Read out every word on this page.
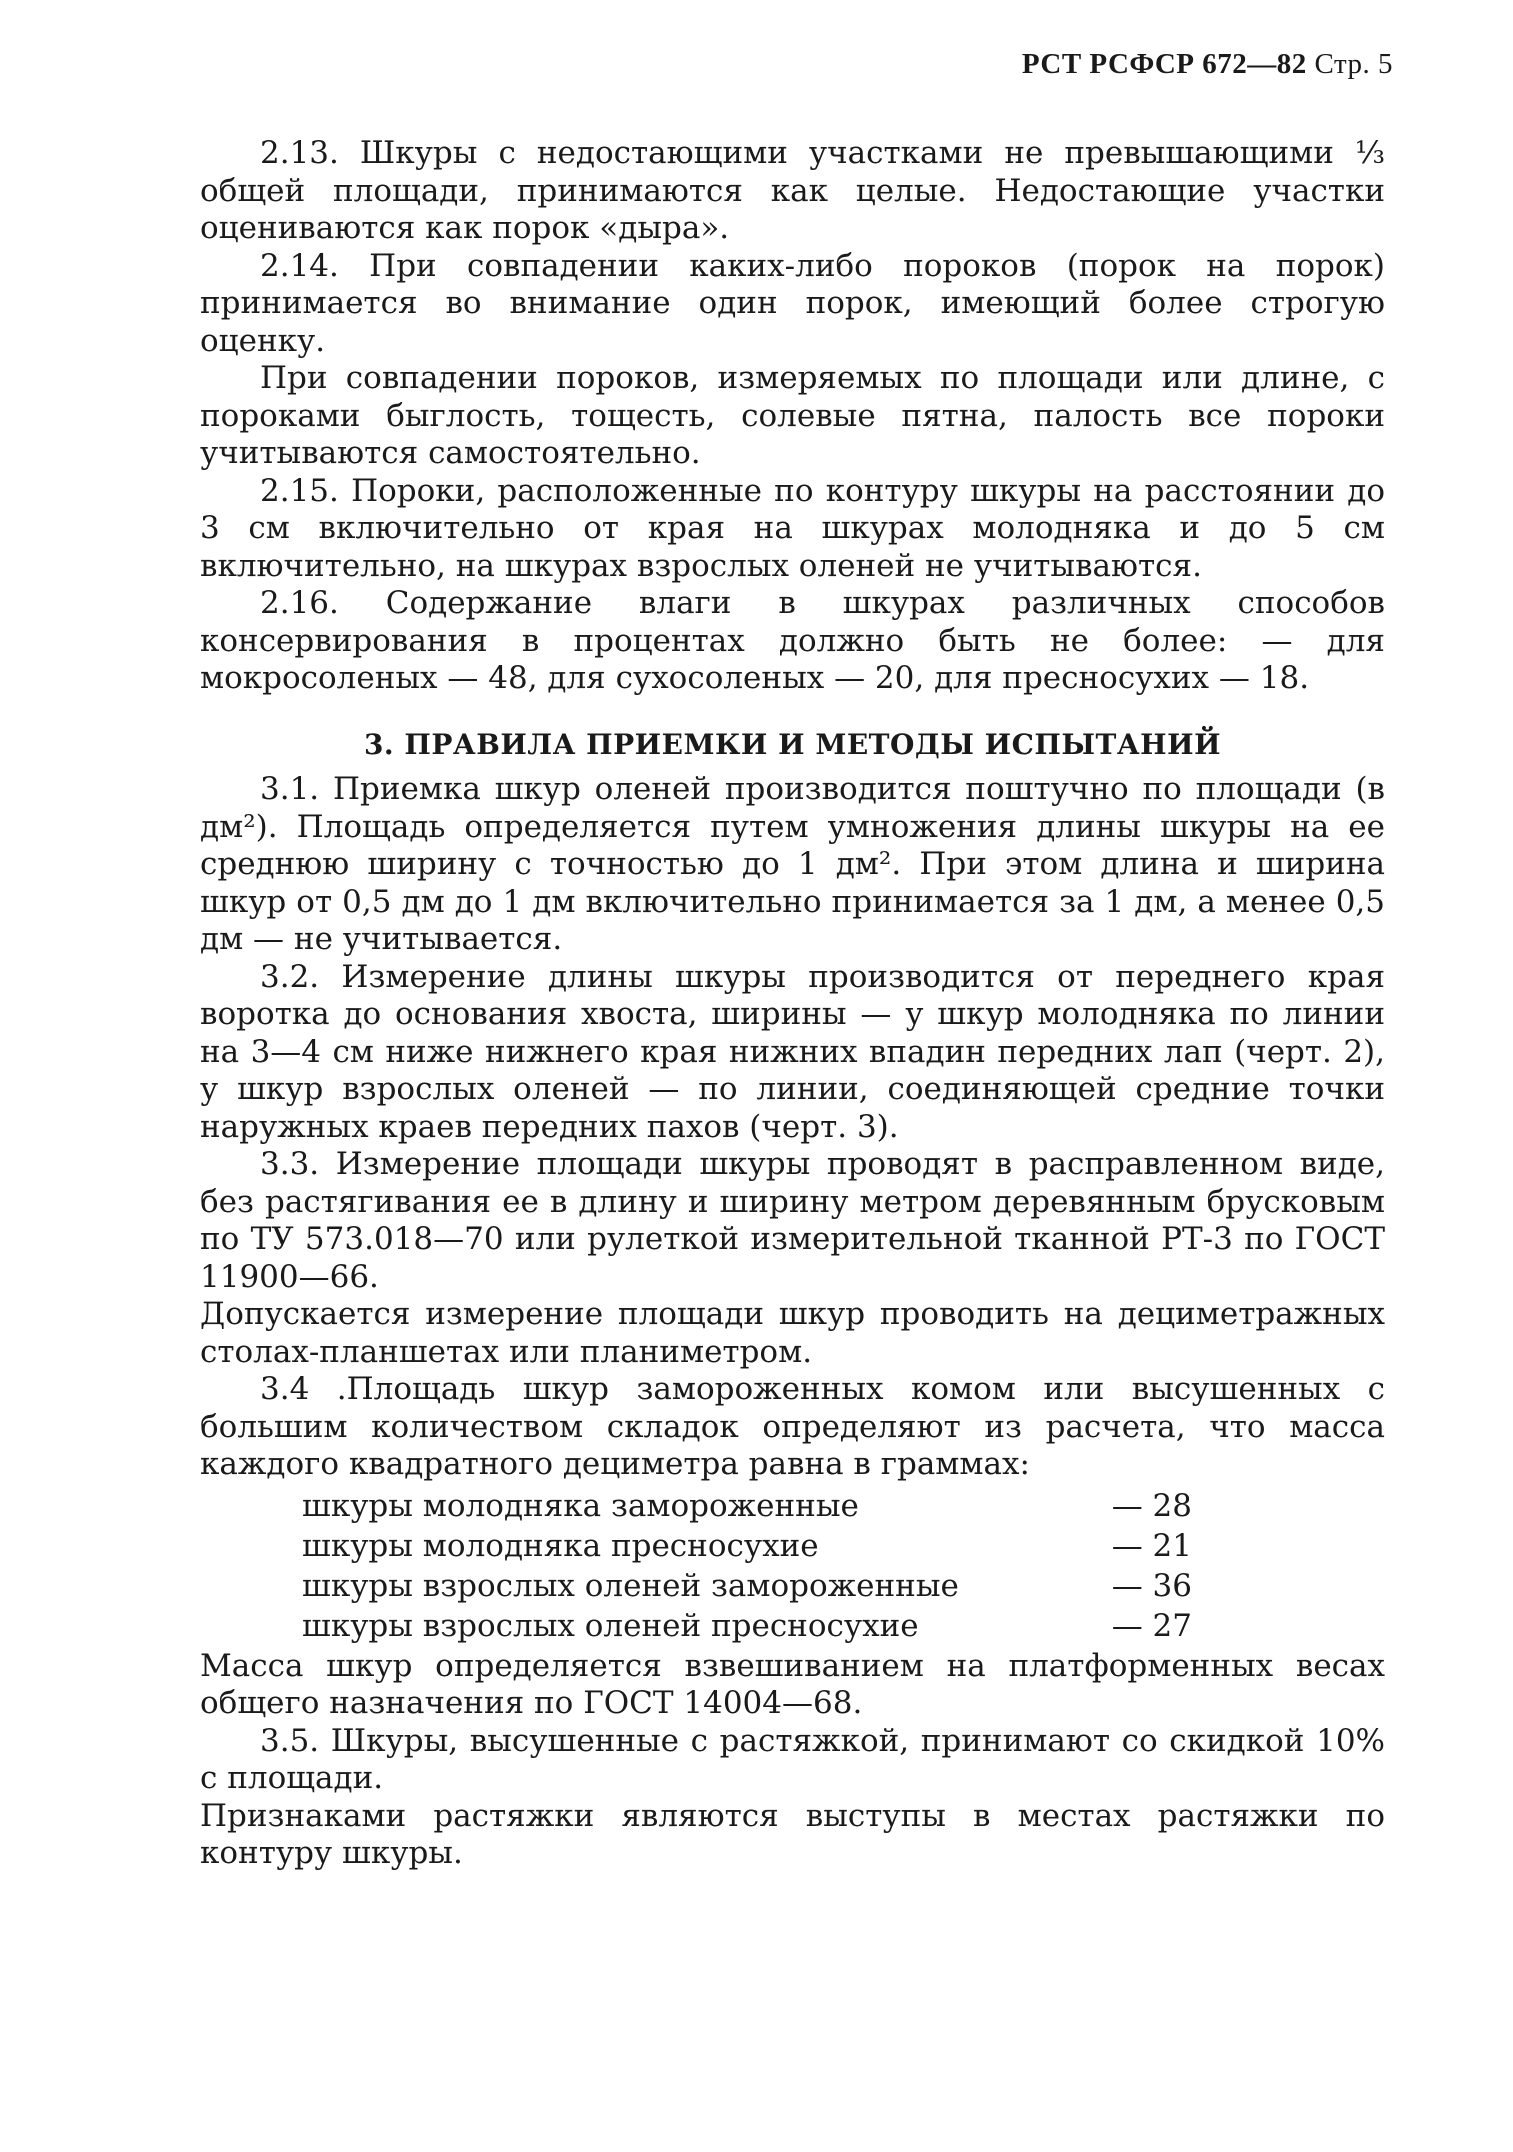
РСТ РСФСР 672—82 Стр. 5

2.13. Шкуры с недостающими участками не превышающими ⅓ общей площади, принимаются как целые. Недостающие участки оцениваются как порок «дыра».

2.14. При совпадении каких-либо пороков (порок на порок) принимается во внимание один порок, имеющий более строгую оценку.

При совпадении пороков, измеряемых по площади или длине, с пороками быглость, тощесть, солевые пятна, палость все пороки учитываются самостоятельно.

2.15. Пороки, расположенные по контуру шкуры на расстоянии до 3 см включительно от края на шкурах молодняка и до 5 см включительно, на шкурах взрослых оленей не учитываются.

2.16. Содержание влаги в шкурах различных способов консервирования в процентах должно быть не более: — для мокросоленых — 48, для сухосоленых — 20, для пресносухих — 18.

3. ПРАВИЛА ПРИЕМКИ И МЕТОДЫ ИСПЫТАНИЙ

3.1. Приемка шкур оленей производится поштучно по площади (в дм²). Площадь определяется путем умножения длины шкуры на ее среднюю ширину с точностью до 1 дм². При этом длина и ширина шкур от 0,5 дм до 1 дм включительно принимается за 1 дм, а менее 0,5 дм — не учитывается.

3.2. Измерение длины шкуры производится от переднего края воротка до основания хвоста, ширины — у шкур молодняка по линии на 3—4 см ниже нижнего края нижних впадин передних лап (черт. 2), у шкур взрослых оленей — по линии, соединяющей средние точки наружных краев передних пахов (черт. 3).

3.3. Измерение площади шкуры проводят в расправленном виде, без растягивания ее в длину и ширину метром деревянным брусковым по ТУ 573.018—70 или рулеткой измерительной тканной РТ-3 по ГОСТ 11900—66.

Допускается измерение площади шкур проводить на дециметражных столах-планшетах или планиметром.

3.4 .Площадь шкур замороженных комом или высушенных с большим количеством складок определяют из расчета, что масса каждого квадратного дециметра равна в граммах:

шкуры молодняка замороженные	— 28
шкуры молодняка пресносухие	— 21
шкуры взрослых оленей замороженные	— 36
шкуры взрослых оленей пресносухие	— 27

Масса шкур определяется взвешиванием на платформенных весах общего назначения по ГОСТ 14004—68.

3.5. Шкуры, высушенные с растяжкой, принимают со скидкой 10% с площади.

Признаками растяжки являются выступы в местах растяжки по контуру шкуры.
